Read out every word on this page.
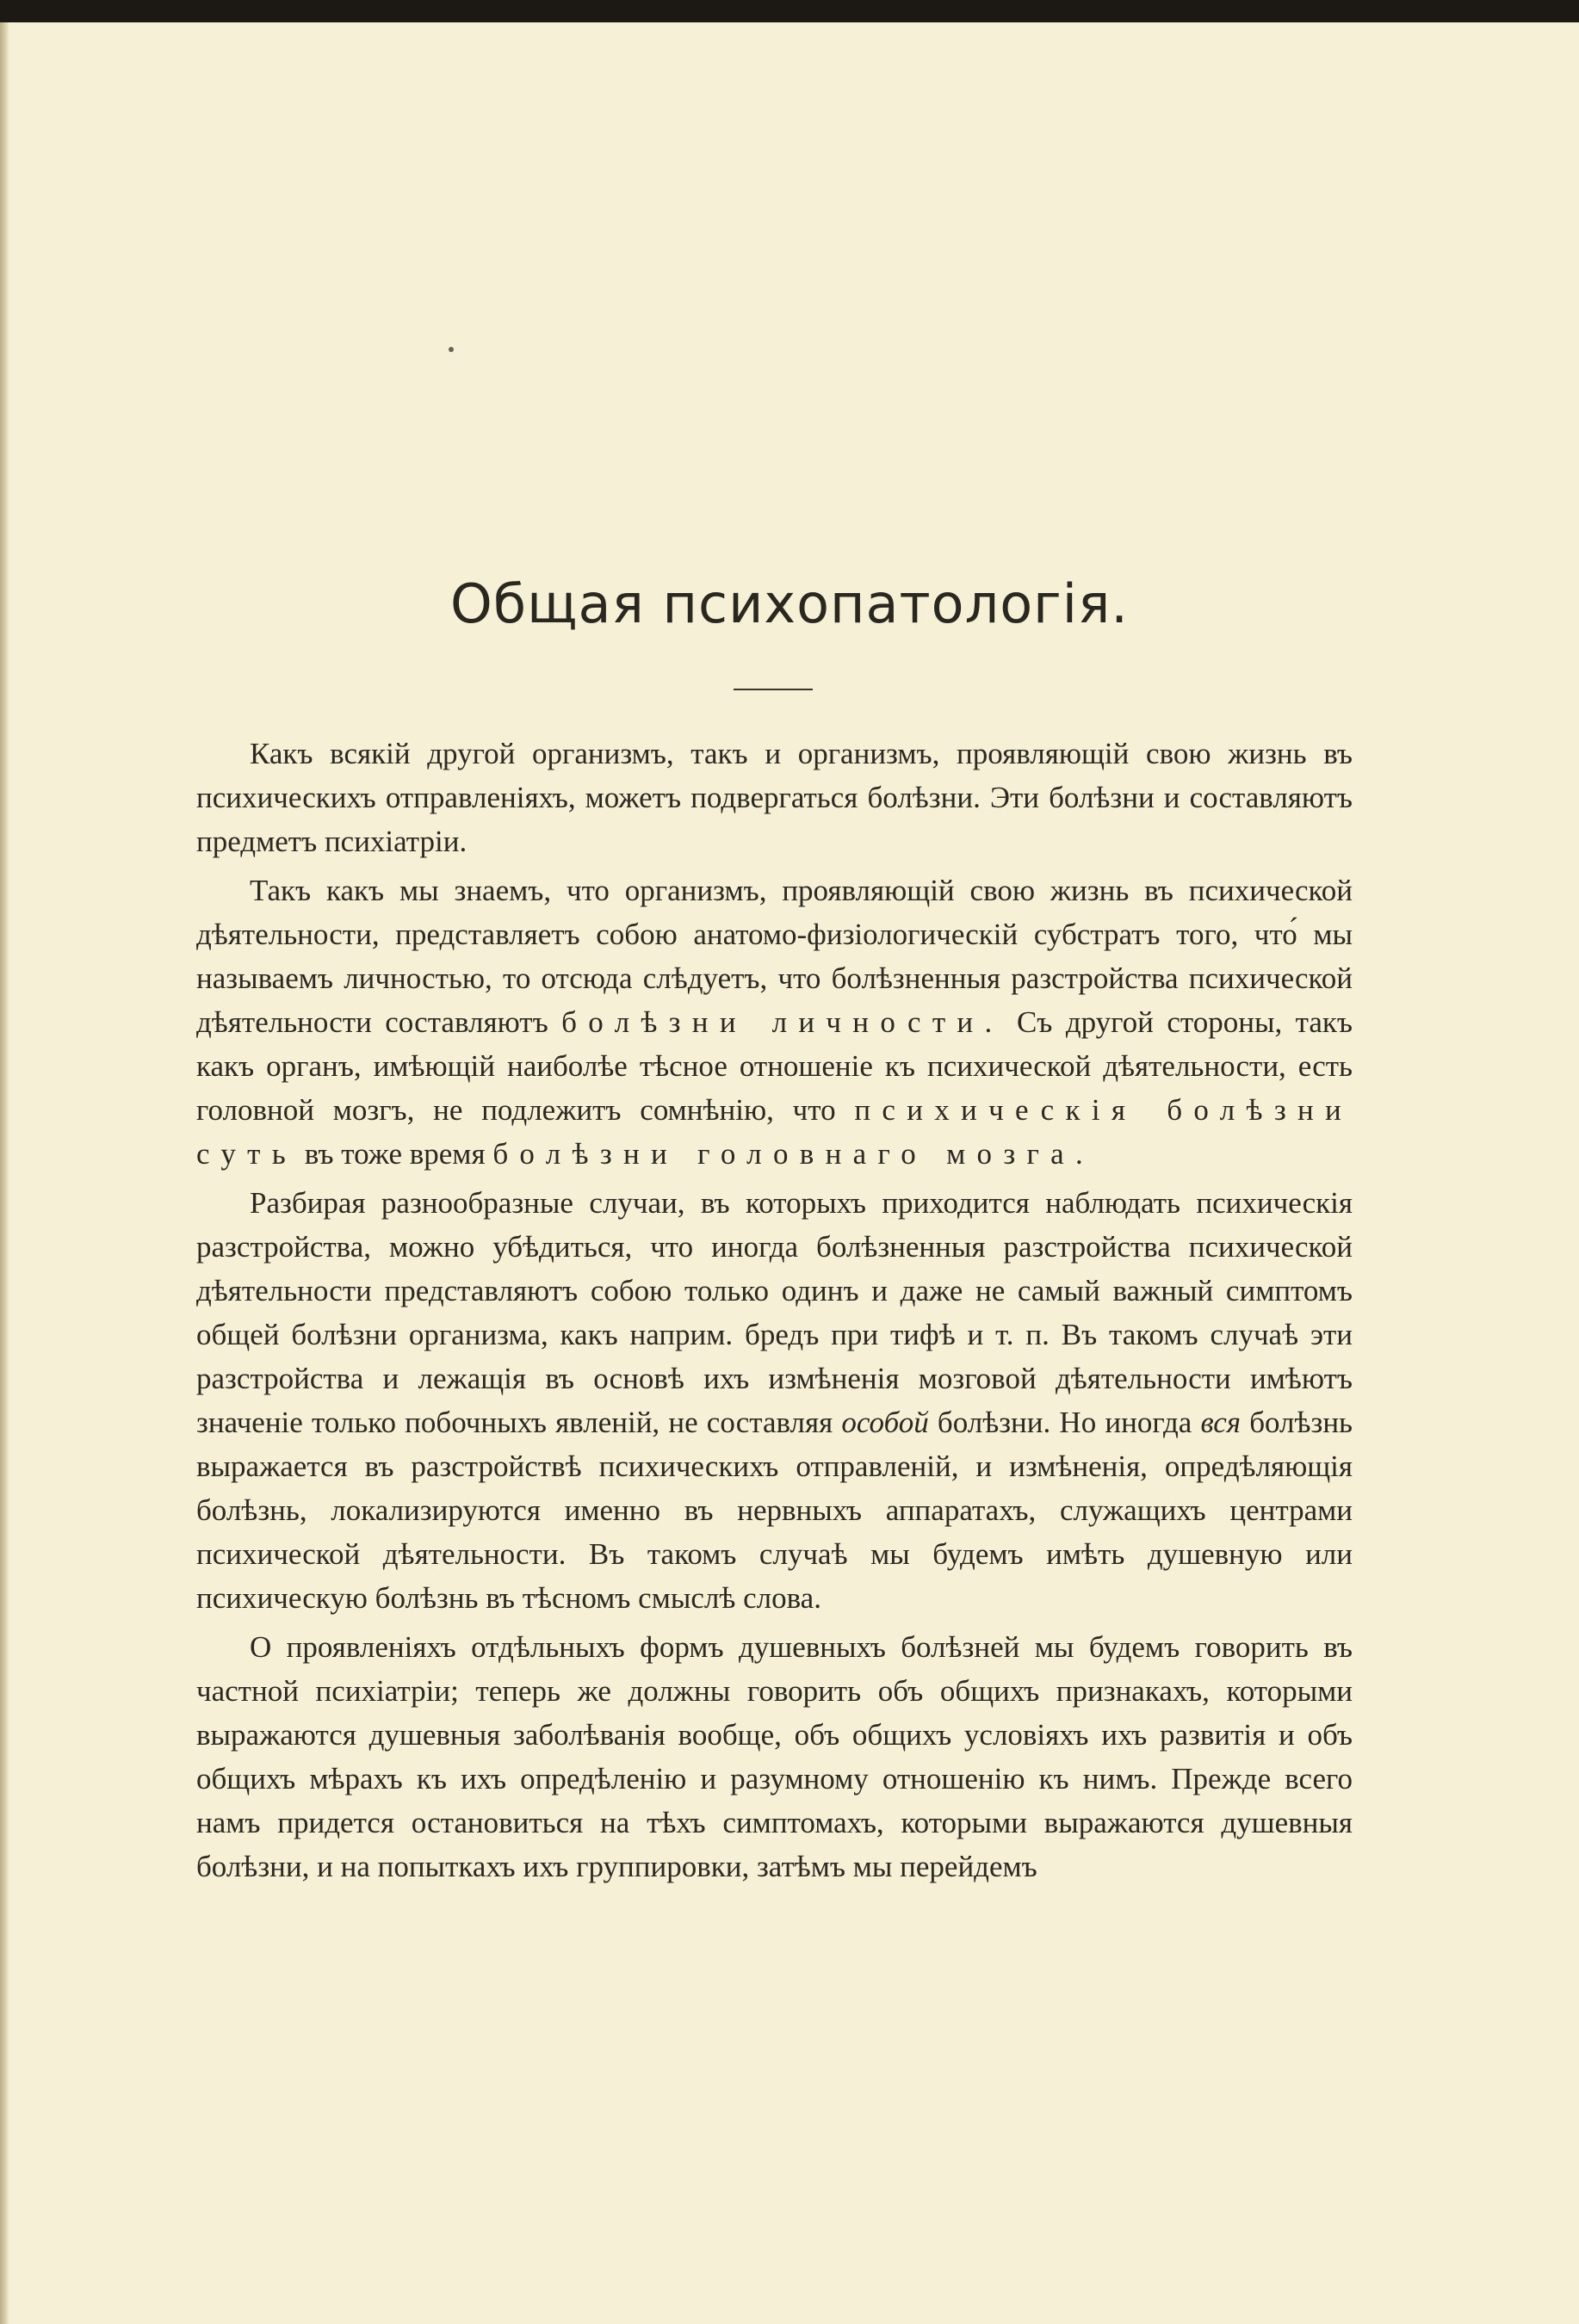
Общая психопатологія.

Какъ всякій другой организмъ, такъ и организмъ, проявляющій свою жизнь въ психическихъ отправленіяхъ, можетъ подвергаться болѣзни. Эти болѣзни и составляютъ предметъ психіатріи.

Такъ какъ мы знаемъ, что организмъ, проявляющій свою жизнь въ психической дѣятельности, представляетъ собою анатомо-физіологическій субстратъ того, что́ мы называемъ личностью, то отсюда слѣдуетъ, что болѣзненныя разстройства психической дѣятельности составляютъ болѣзни личности. Съ другой стороны, такъ какъ органъ, имѣющій наиболѣе тѣсное отношеніе къ психической дѣятельности, есть головной мозгъ, не подлежитъ сомнѣнію, что психическія болѣзни суть въ тоже время болѣзни головнаго мозга.

Разбирая разнообразные случаи, въ которыхъ приходится наблюдать психическія разстройства, можно убѣдиться, что иногда болѣзненныя разстройства психической дѣятельности представляютъ собою только одинъ и даже не самый важный симптомъ общей болѣзни организма, какъ наприм. бредъ при тифѣ и т. п. Въ такомъ случаѣ эти разстройства и лежащія въ основѣ ихъ измѣненія мозговой дѣятельности имѣютъ значеніе только побочныхъ явленій, не составляя особой болѣзни. Но иногда вся болѣзнь выражается въ разстройствѣ психическихъ отправленій, и измѣненія, опредѣляющія болѣзнь, локализируются именно въ нервныхъ аппаратахъ, служащихъ центрами психической дѣятельности. Въ такомъ случаѣ мы будемъ имѣть душевную или психическую болѣзнь въ тѣсномъ смыслѣ слова.

О проявленіяхъ отдѣльныхъ формъ душевныхъ болѣзней мы будемъ говорить въ частной психіатріи; теперь же должны говорить объ общихъ признакахъ, которыми выражаются душевныя заболѣванія вообще, объ общихъ условіяхъ ихъ развитія и объ общихъ мѣрахъ къ ихъ опредѣленію и разумному отношенію къ нимъ. Прежде всего намъ придется остановиться на тѣхъ симптомахъ, которыми выражаются душевныя болѣзни, и на попыткахъ ихъ группировки, затѣмъ мы перейдемъ
